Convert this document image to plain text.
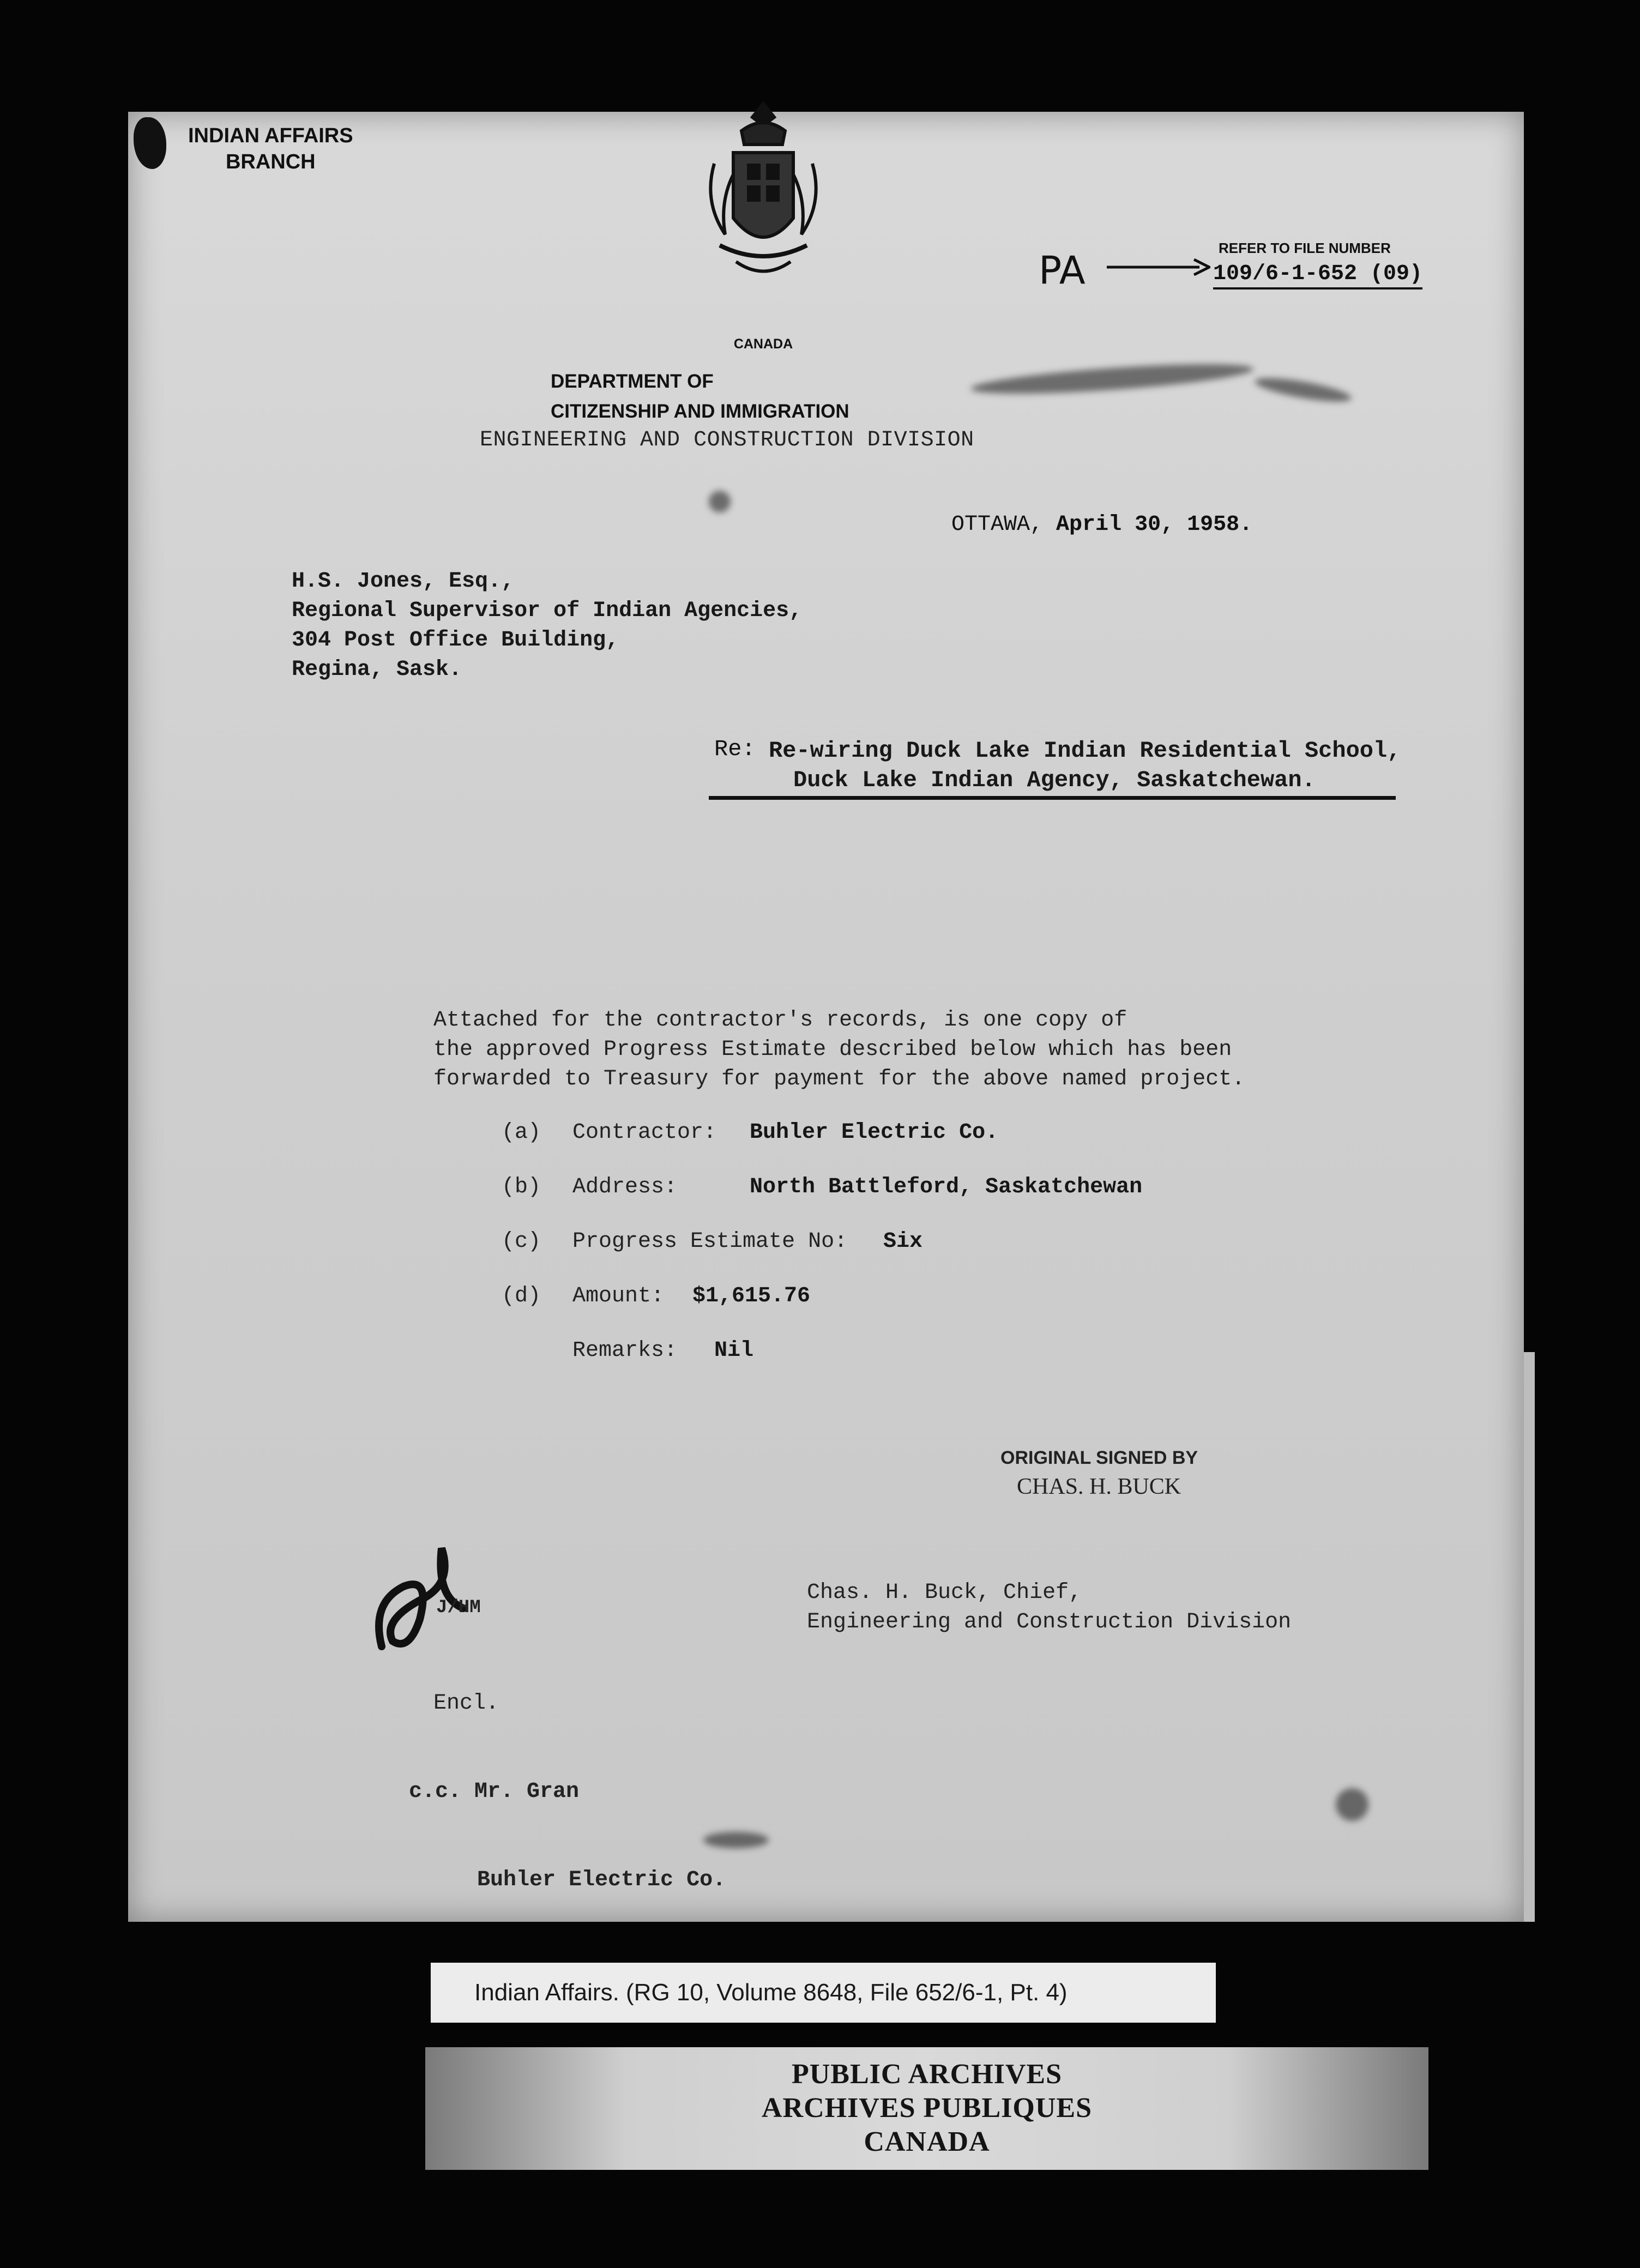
INDIAN AFFAIRS
BRANCH
CANADA
DEPARTMENT OF
CITIZENSHIP AND IMMIGRATION
ENGINEERING AND CONSTRUCTION DIVISION
PA	REFER TO FILE NUMBER
109/6-1-652 (09)
OTTAWA, April 30, 1958.
H.S. Jones, Esq.,
Regional Supervisor of Indian Agencies,
304 Post Office Building,
Regina, Sask.
Re: Re-wiring Duck Lake Indian Residential School,
Duck Lake Indian Agency, Saskatchewan.
Attached for the contractor's records, is one copy of
the approved Progress Estimate described below which has been
forwarded to Treasury for payment for the above named project.
(a) Contractor: Buhler Electric Co.
(b) Address:	North Battleford, Saskatchewan
(c) Progress Estimate No: Six
(d) Amount: $1,615.76
Remarks: Nil
ORIGINAL SIGNED BY
CHAS. H. BUCK
Chas. H. Buck, Chief,
Engineering and Construction Division
J/HM

Encl.

c.c. Mr. Gran

Buhler Electric Co.

Indian Affairs. (RG 10, Volume 8648, File 652/6-1, Pt. 4)
PUBLIC ARCHIVES
ARCHIVES PUBLIQUES
CANADA
